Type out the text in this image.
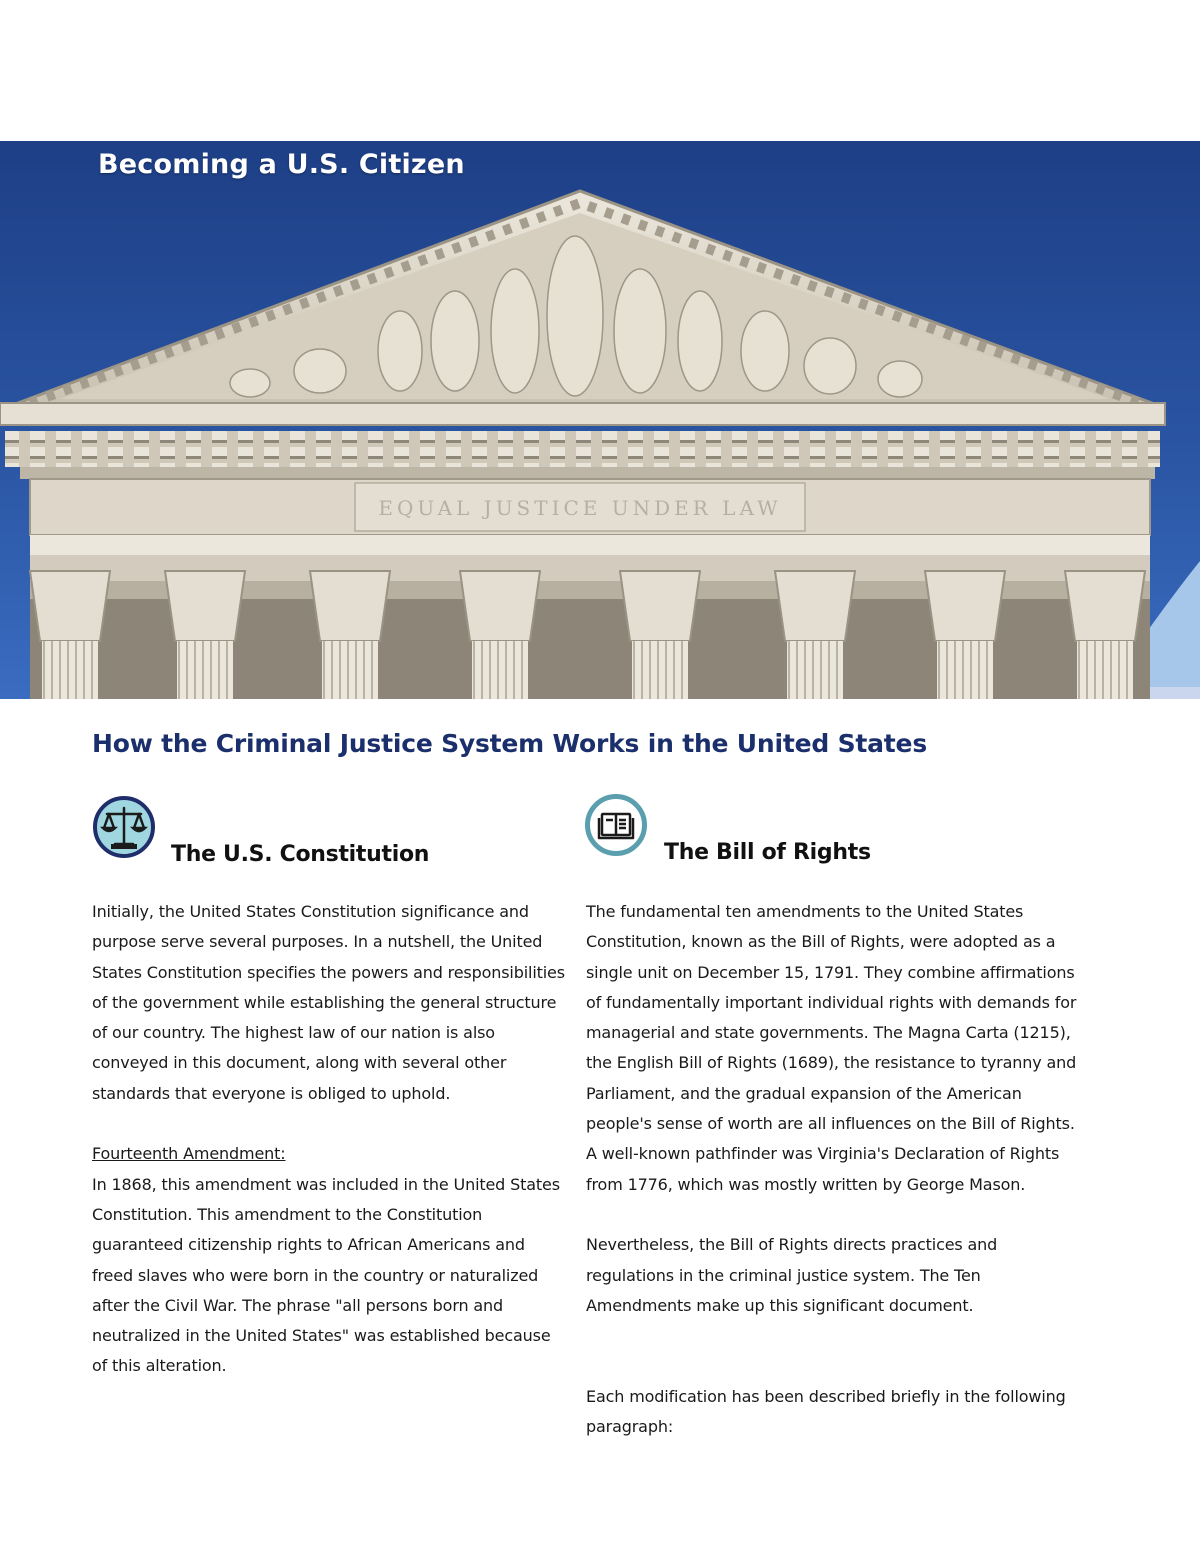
EQUAL JUSTICE UNDER LAW
Becoming a U.S. Citizen
How the Criminal Justice System Works in the United States
The U.S. Constitution

Initially, the United States Constitution significance and purpose serve several purposes. In a nutshell, the United States Constitution specifies the powers and responsibilities of the government while establishing the general structure of our country. The highest law of our nation is also conveyed in this document, along with several other standards that everyone is obliged to uphold.

Fourteenth Amendment:

In 1868, this amendment was included in the United States Constitution. This amendment to the Constitution guaranteed citizenship rights to African Americans and freed slaves who were born in the country or naturalized after the Civil War. The phrase "all persons born and neutralized in the United States" was established because of this alteration.

The Bill of Rights

The fundamental ten amendments to the United States Constitution, known as the Bill of Rights, were adopted as a single unit on December 15, 1791. They combine affirmations of fundamentally important individual rights with demands for managerial and state governments. The Magna Carta (1215), the English Bill of Rights (1689), the resistance to tyranny and Parliament, and the gradual expansion of the American people's sense of worth are all influences on the Bill of Rights. A well-known pathfinder was Virginia's Declaration of Rights from 1776, which was mostly written by George Mason.

Nevertheless, the Bill of Rights directs practices and regulations in the criminal justice system. The Ten Amendments make up this significant document.

Each modification has been described briefly in the following paragraph:
